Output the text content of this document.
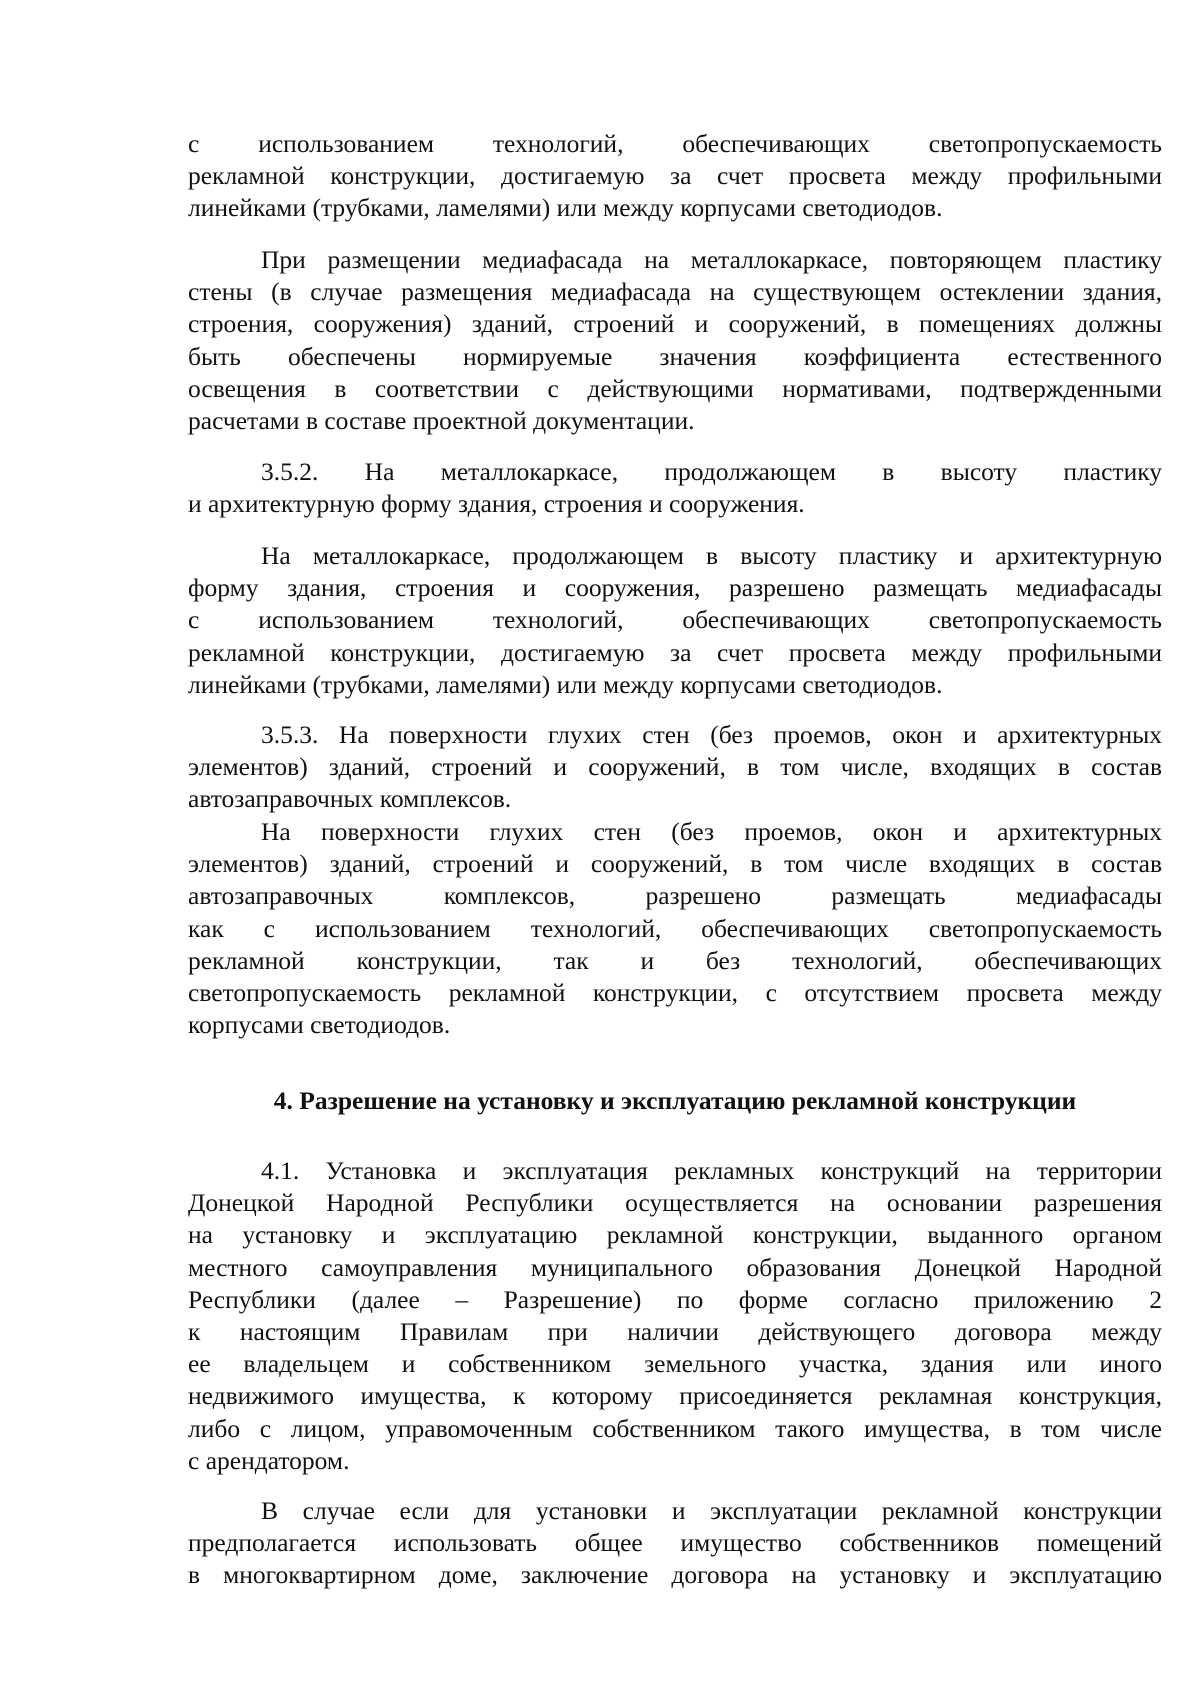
с использованием технологий, обеспечивающих светопропускаемость
рекламной конструкции, достигаемую за счет просвета между профильными
линейками (трубками, ламелями) или между корпусами светодиодов.
При размещении медиафасада на металлокаркасе, повторяющем пластику
стены (в случае размещения медиафасада на существующем остеклении здания,
строения, сооружения) зданий, строений и сооружений, в помещениях должны
быть обеспечены нормируемые значения коэффициента естественного
освещения в соответствии с действующими нормативами, подтвержденными
расчетами в составе проектной документации.
3.5.2. На металлокаркасе, продолжающем в высоту пластику
и архитектурную форму здания, строения и сооружения.
На металлокаркасе, продолжающем в высоту пластику и архитектурную
форму здания, строения и сооружения, разрешено размещать медиафасады
с использованием технологий, обеспечивающих светопропускаемость
рекламной конструкции, достигаемую за счет просвета между профильными
линейками (трубками, ламелями) или между корпусами светодиодов.
3.5.3. На поверхности глухих стен (без проемов, окон и архитектурных
элементов) зданий, строений и сооружений, в том числе, входящих в состав
автозаправочных комплексов.
На поверхности глухих стен (без проемов, окон и архитектурных
элементов) зданий, строений и сооружений, в том числе входящих в состав
автозаправочных комплексов, разрешено размещать медиафасады
как с использованием технологий, обеспечивающих светопропускаемость
рекламной конструкции, так и без технологий, обеспечивающих
светопропускаемость рекламной конструкции, с отсутствием просвета между
корпусами светодиодов.
4. Разрешение на установку и эксплуатацию рекламной конструкции
4.1. Установка и эксплуатация рекламных конструкций на территории
Донецкой Народной Республики осуществляется на основании разрешения
на установку и эксплуатацию рекламной конструкции, выданного органом
местного самоуправления муниципального образования Донецкой Народной
Республики (далее – Разрешение) по форме согласно приложению 2
к настоящим Правилам при наличии действующего договора между
ее владельцем и собственником земельного участка, здания или иного
недвижимого имущества, к которому присоединяется рекламная конструкция,
либо с лицом, управомоченным собственником такого имущества, в том числе
с арендатором.
В случае если для установки и эксплуатации рекламной конструкции
предполагается использовать общее имущество собственников помещений
в многоквартирном доме, заключение договора на установку и эксплуатацию
